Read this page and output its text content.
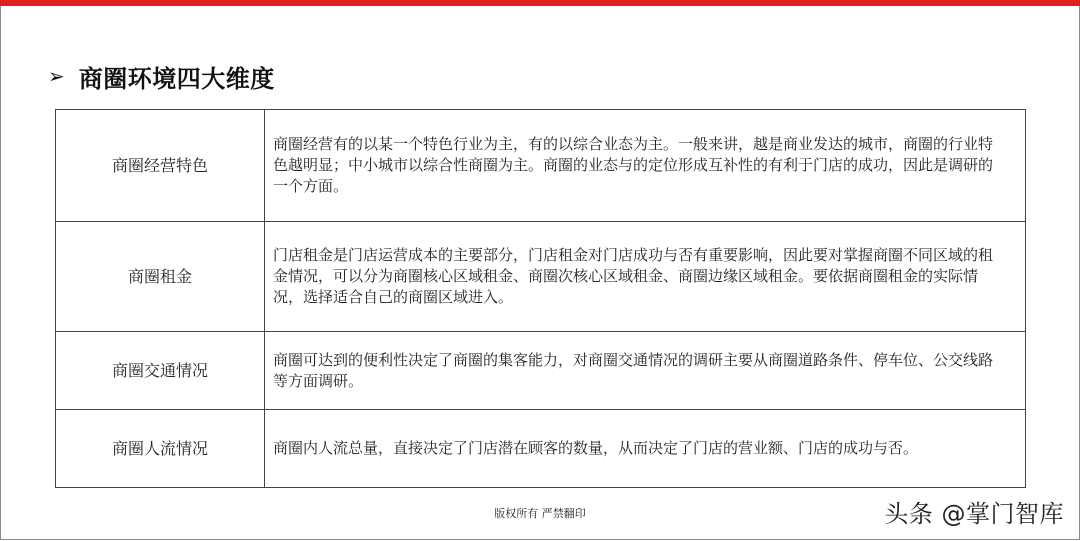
➢ 商圈环境四大维度
商圈经营特色	商圈经营有的以某一个特色行业为主，有的以综合业态为主。一般来讲，越是商业发达的城市，商圈的行业特色越明显；中小城市以综合性商圈为主。商圈的业态与的定位形成互补性的有利于门店的成功，因此是调研的一个方面。
商圈租金	门店租金是门店运营成本的主要部分，门店租金对门店成功与否有重要影响，因此要对掌握商圈不同区域的租金情况，可以分为商圈核心区域租金、商圈次核心区域租金、商圈边缘区域租金。要依据商圈租金的实际情况，选择适合自己的商圈区域进入。
商圈交通情况	商圈可达到的便利性决定了商圈的集客能力，对商圈交通情况的调研主要从商圈道路条件、停车位、公交线路等方面调研。
商圈人流情况	商圈内人流总量，直接决定了门店潜在顾客的数量，从而决定了门店的营业额、门店的成功与否。
版权所有 严禁翻印	头条 @掌门智库
